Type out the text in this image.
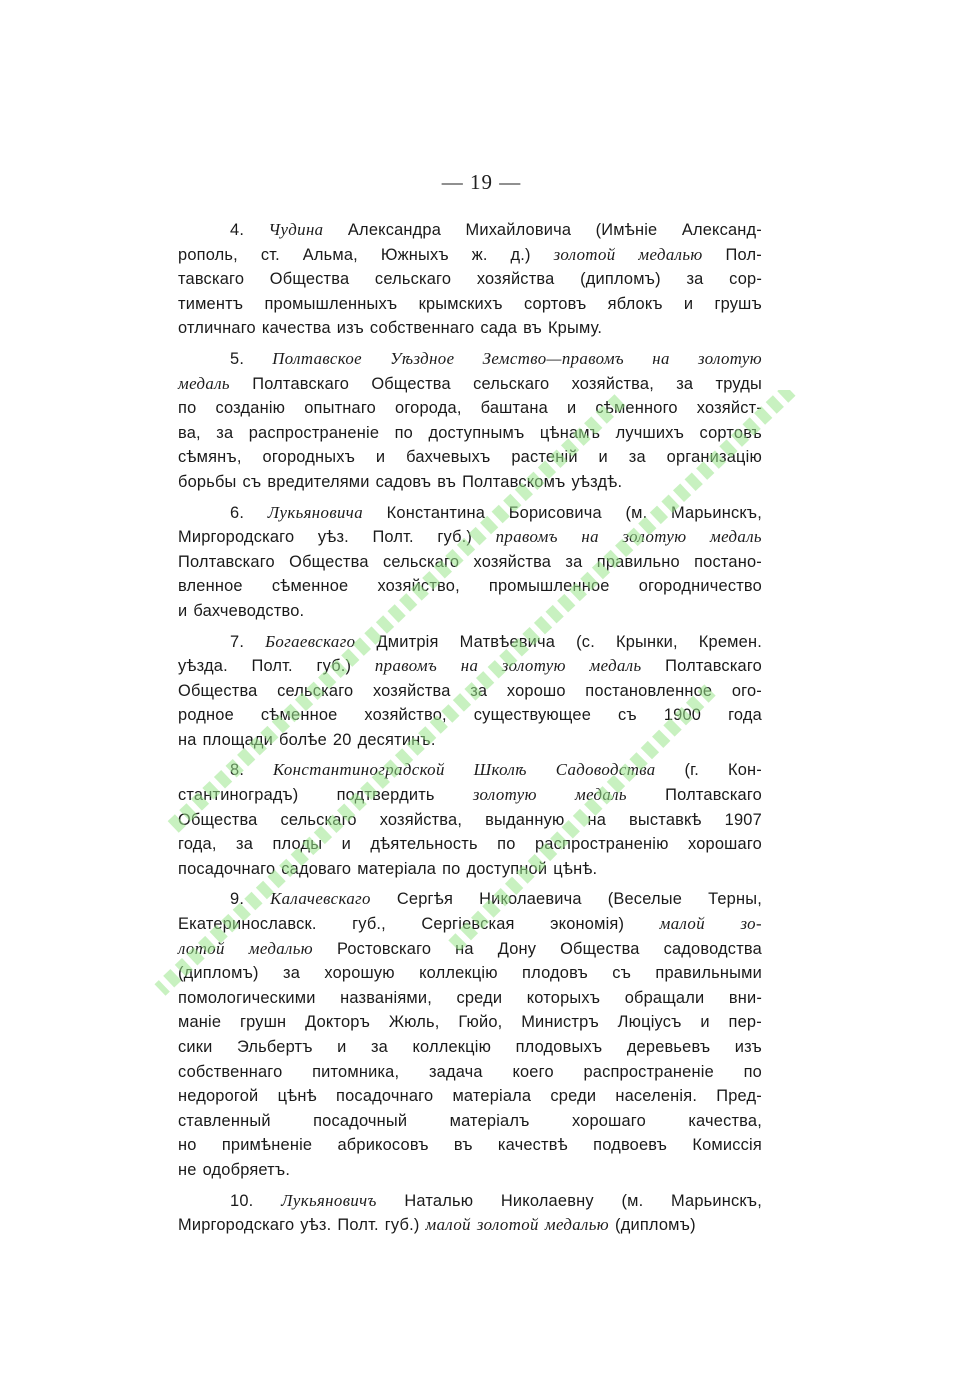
— 19 —
4. Чудина Александра Михайловича (Имѣніе Александ-
рополь, ст. Альма, Южныхъ ж. д.) золотой медалью Пол-
тавскаго Общества сельскаго хозяйства (дипломъ) за сор-
тиментъ промышленныхъ крымскихъ сортовъ яблокъ и грушъ
отличнаго качества изъ собственнаго сада въ Крыму.
5. Полтавское Уѣздное Земство—правомъ на золотую
медаль Полтавскаго Общества сельскаго хозяйства, за труды
по созданію опытнаго огорода, баштана и сѣменного хозяйст-
ва, за распространеніе по доступнымъ цѣнамъ лучшихъ сортовъ
сѣмянъ, огородныхъ и бахчевыхъ растеній и за организацію
борьбы съ вредителями садовъ въ Полтавскомъ уѣздѣ.
6. Лукьяновича Константина Борисовича (м. Марьинскъ,
Миргородскаго уѣз. Полт. губ.) правомъ на золотую медаль
Полтавскаго Общества сельскаго хозяйства за правильно постано-
вленное сѣменное хозяйство, промышленное огородничество
и бахчеводство.
7. Богаевскаго Дмитрія Матвѣевича (с. Крынки, Кремен.
уѣзда. Полт. губ.) правомъ на золотую медаль Полтавскаго
Общества сельскаго хозяйства за хорошо постановленное ого-
родное сѣменное хозяйство, существующее съ 1900 года
на площади болѣе 20 десятинъ.
8. Константиноградской Школѣ Садоводства (г. Кон-
стантиноградъ) подтвердить золотую медаль Полтавскаго
Общества сельскаго хозяйства, выданную на выставкѣ 1907
года, за плоды и дѣятельность по распространенію хорошаго
посадочнаго садоваго матеріала по доступной цѣнѣ.
9. Калачевскаго Сергѣя Николаевича (Веселые Терны,
Екатеринославск. губ., Сергіевская экономія) малой зо-
лотой медалью Ростовскаго на Дону Общества садоводства
(дипломъ) за хорошую коллекцію плодовъ съ правильными
помологическими названіями, среди которыхъ обращали вни-
маніе грушн Докторъ Жюль, Гюйо, Министръ Люціусъ и пер-
сики Эльбертъ и за коллекцію плодовыхъ деревьевъ изъ
собственнаго питомника, задача коего распространеніе по
недорогой цѣнѣ посадочнаго матеріала среди населенія. Пред-
ставленный	посадочный	матеріалъ	хорошаго	качества,
но примѣненіе абрикосовъ въ качествѣ подвоевъ Комиссія
не одобряетъ.
10. Лукьяновичъ Наталью Николаевну (м. Марьинскъ,
Миргородскаго уѣз. Полт. губ.) малой золотой медалью (дипломъ)
